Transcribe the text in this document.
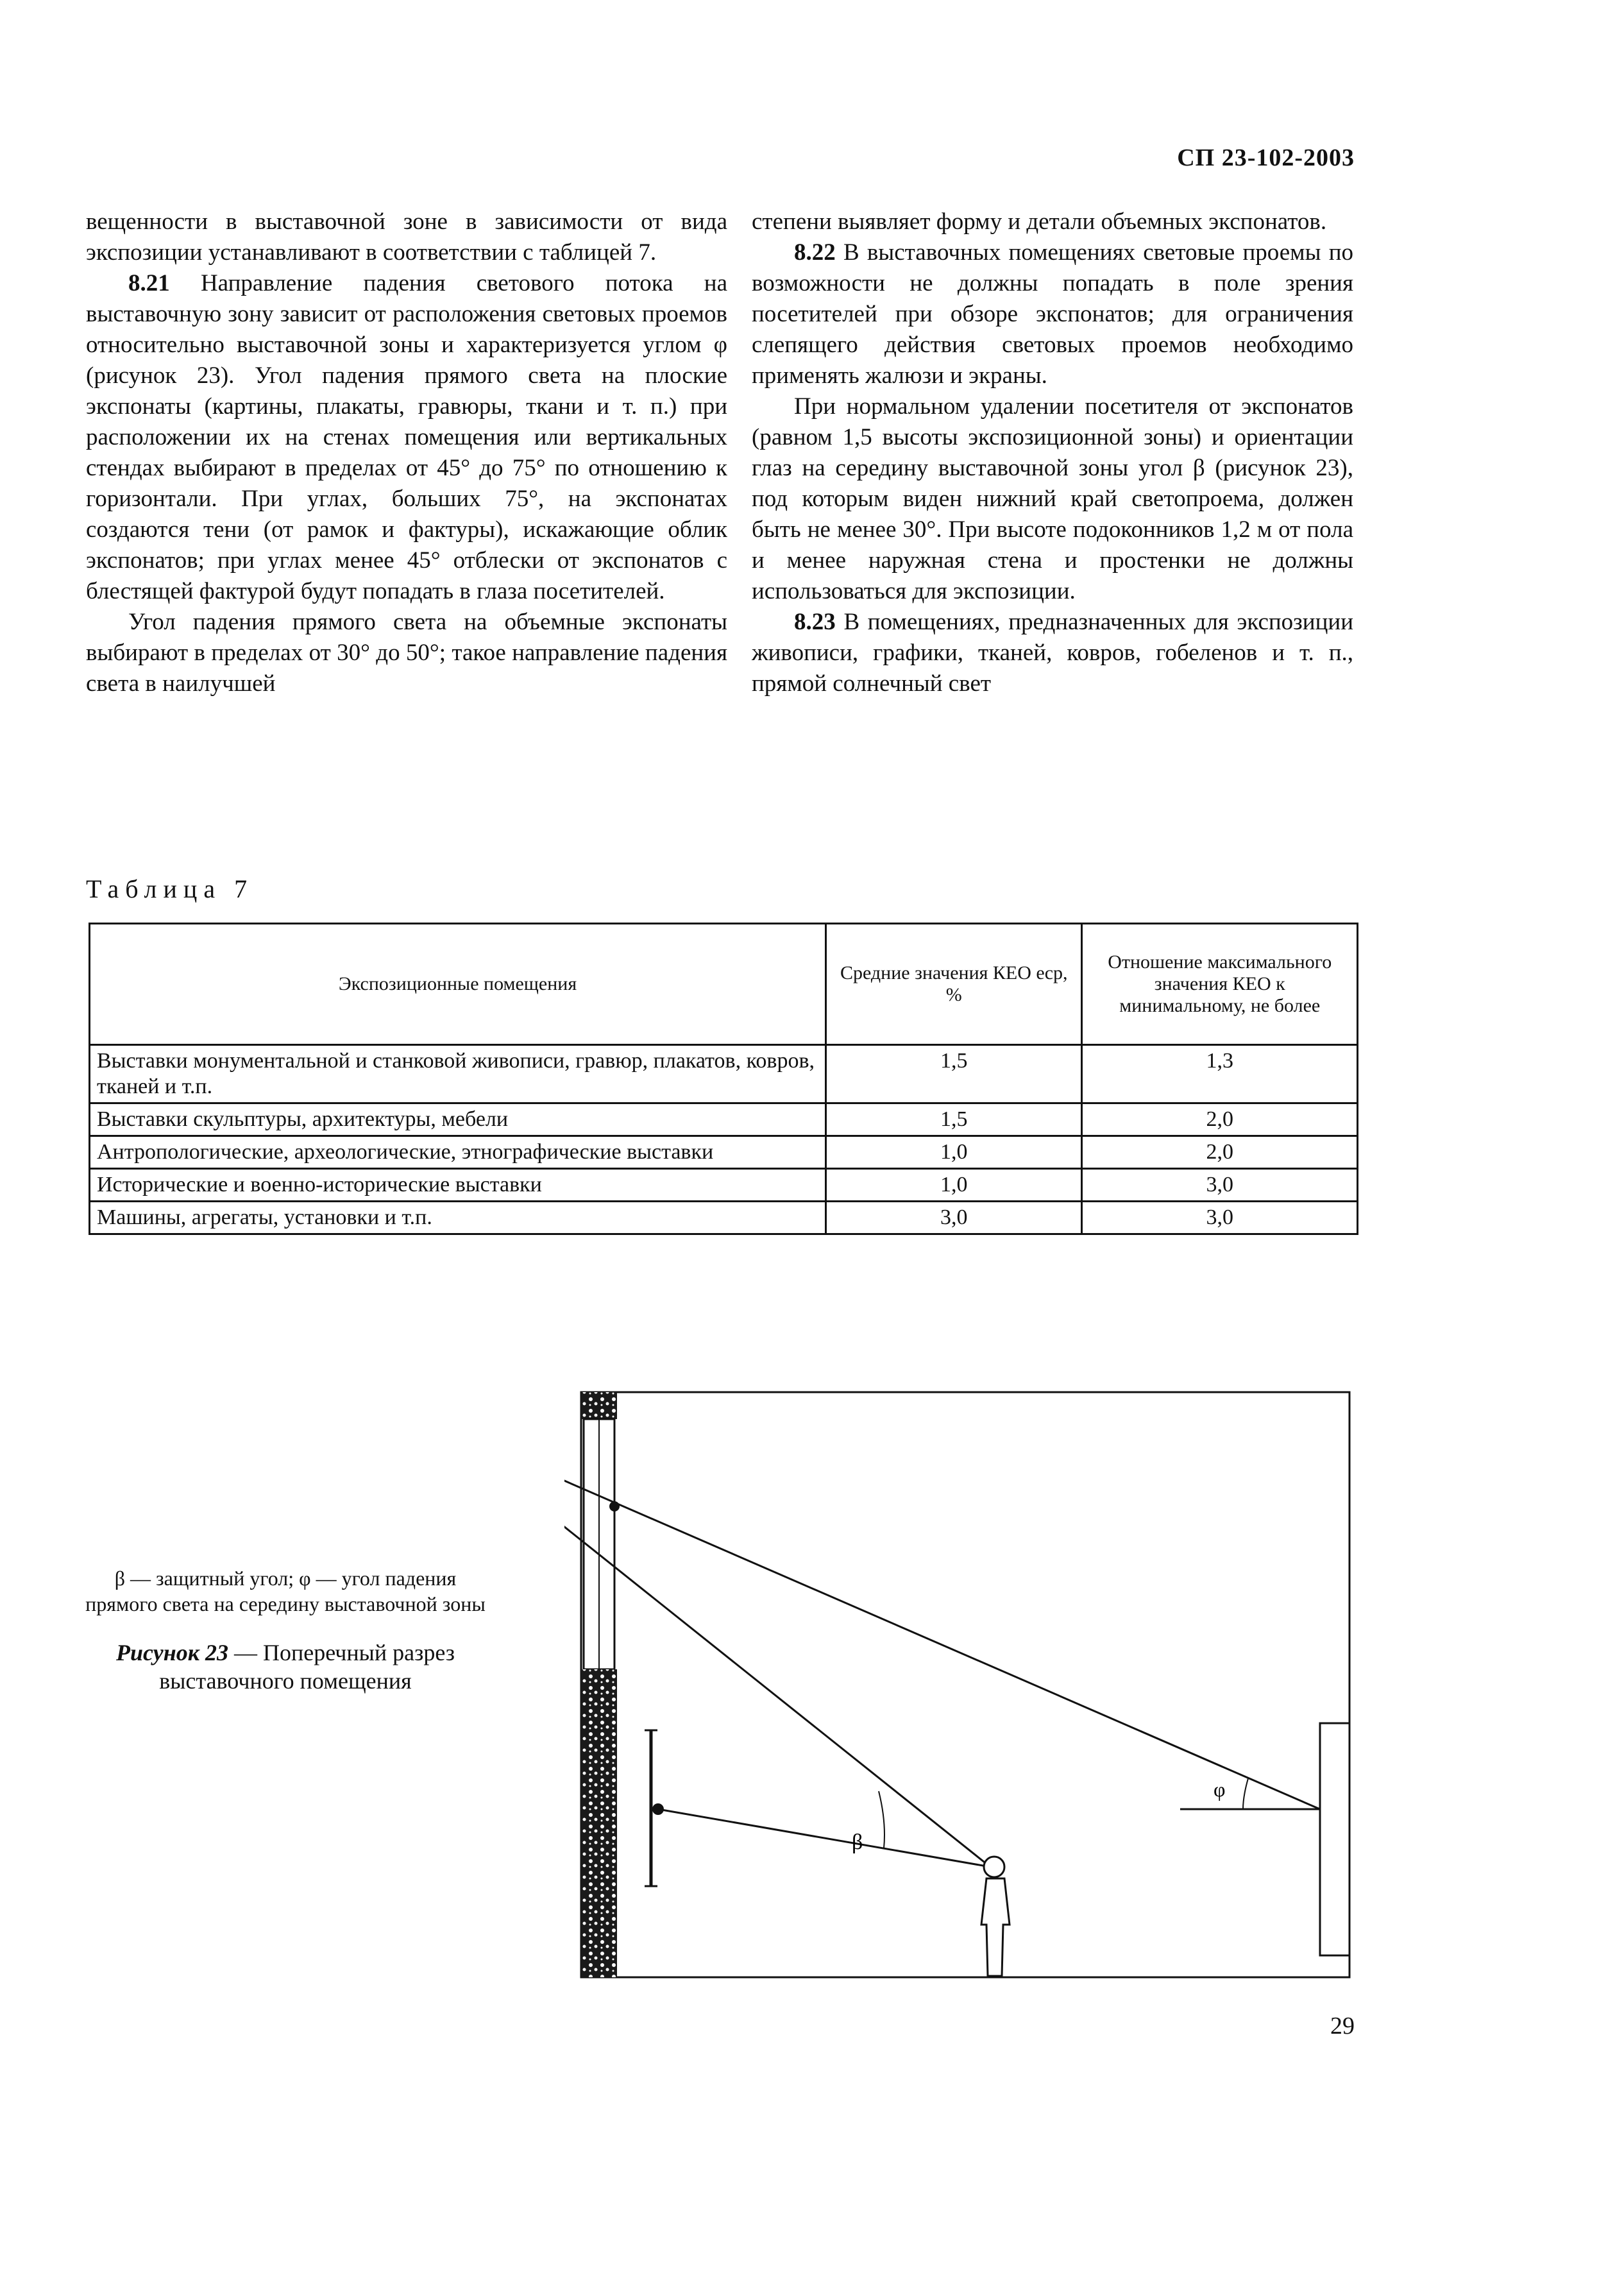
СП 23-102-2003

вещенности в выставочной зоне в зависимости от вида экспозиции устанавливают в соответствии с таблицей 7.

8.21 Направление падения светового потока на выставочную зону зависит от расположения световых проемов относительно выставочной зоны и характеризуется углом φ (рисунок 23). Угол падения прямого света на плоские экспонаты (картины, плакаты, гравюры, ткани и т. п.) при расположении их на стенах помещения или вертикальных стендах выбирают в пределах от 45° до 75° по отношению к горизонтали. При углах, больших 75°, на экспонатах создаются тени (от рамок и фактуры), искажающие облик экспонатов; при углах менее 45° отблески от экспонатов с блестящей фактурой будут попадать в глаза посетителей.

Угол падения прямого света на объемные экспонаты выбирают в пределах от 30° до 50°; такое направление падения света в наилучшей

степени выявляет форму и детали объемных экспонатов.

8.22 В выставочных помещениях световые проемы по возможности не должны попадать в поле зрения посетителей при обзоре экспонатов; для ограничения слепящего действия световых проемов необходимо применять жалюзи и экраны.

При нормальном удалении посетителя от экспонатов (равном 1,5 высоты экспозиционной зоны) и ориентации глаз на середину выставочной зоны угол β (рисунок 23), под которым виден нижний край светопроема, должен быть не менее 30°. При высоте подоконников 1,2 м от пола и менее наружная стена и простенки не должны использоваться для экспозиции.

8.23 В помещениях, предназначенных для экспозиции живописи, графики, тканей, ковров, гобеленов и т. п., прямой солнечный свет

Таблица 7
Экспозиционные помещения	Средние значения КЕО eср, %	Отношение максимального значения КЕО к минимальному, не более
Выставки монументальной и станковой живописи, гравюр, плакатов, ковров, тканей и т.п.	1,5	1,3
Выставки скульптуры, архитектуры, мебели	1,5	2,0
Антропологические, археологические, этнографические выставки	1,0	2,0
Исторические и военно-исторические выставки	1,0	3,0
Машины, агрегаты, установки и т.п.	3,0	3,0
β — защитный угол; φ — угол падения прямого света на середину выставочной зоны
Рисунок 23 — Поперечный разрез выставочного помещения
β
φ
29
